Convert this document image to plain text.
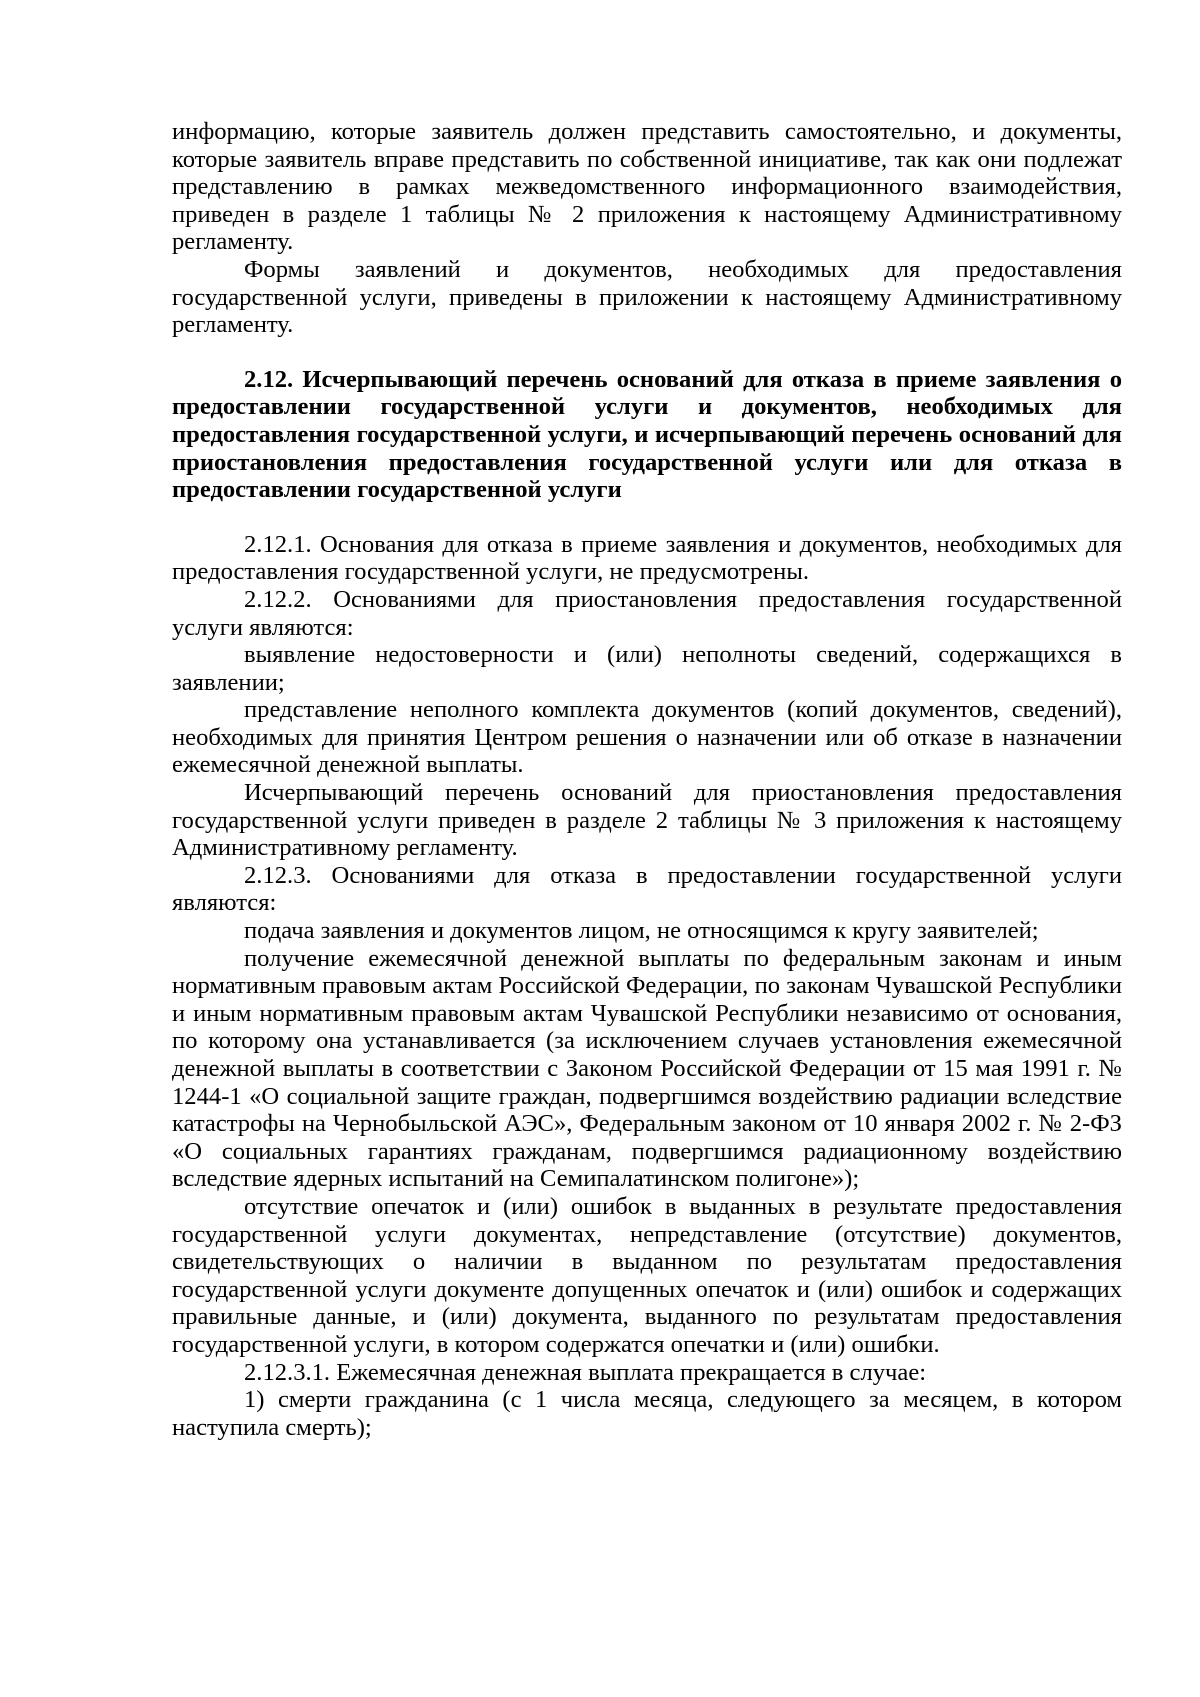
информацию, которые заявитель должен представить самостоятельно, и документы, которые заявитель вправе представить по собственной инициативе, так как они подлежат представлению в рамках межведомственного информационного взаимодействия, приведен в разделе 1 таблицы № 2 приложения к настоящему Административному регламенту.

Формы заявлений и документов, необходимых для предоставления государственной услуги, приведены в приложении к настоящему Административному регламенту.

2.12. Исчерпывающий перечень оснований для отказа в приеме заявления о предоставлении государственной услуги и документов, необходимых для предоставления государственной услуги, и исчерпывающий перечень оснований для приостановления предоставления государственной услуги или для отказа в предоставлении государственной услуги

2.12.1. Основания для отказа в приеме заявления и документов, необходимых для предоставления государственной услуги, не предусмотрены.

2.12.2. Основаниями для приостановления предоставления государственной услуги являются:

выявление недостоверности и (или) неполноты сведений, содержащихся в заявлении;

представление неполного комплекта документов (копий документов, сведений), необходимых для принятия Центром решения о назначении или об отказе в назначении ежемесячной денежной выплаты.

Исчерпывающий перечень оснований для приостановления предоставления государственной услуги приведен в разделе 2 таблицы № 3 приложения к настоящему Административному регламенту.

2.12.3. Основаниями для отказа в предоставлении государственной услуги являются:

подача заявления и документов лицом, не относящимся к кругу заявителей;

получение ежемесячной денежной выплаты по федеральным законам и иным нормативным правовым актам Российской Федерации, по законам Чувашской Республики и иным нормативным правовым актам Чувашской Республики независимо от основания, по которому она устанавливается (за исключением случаев установления ежемесячной денежной выплаты в соответствии с Законом Российской Федерации от 15 мая 1991 г. № 1244-1 «О социальной защите граждан, подвергшимся воздействию радиации вследствие катастрофы на Чернобыльской АЭС», Федеральным законом от 10 января 2002 г. № 2-ФЗ «О социальных гарантиях гражданам, подвергшимся радиационному воздействию вследствие ядерных испытаний на Семипалатинском полигоне»);

отсутствие опечаток и (или) ошибок в выданных в результате предоставления государственной услуги документах, непредставление (отсутствие) документов, свидетельствующих о наличии в выданном по результатам предоставления государственной услуги документе допущенных опечаток и (или) ошибок и содержащих правильные данные, и (или) документа, выданного по результатам предоставления государственной услуги, в котором содержатся опечатки и (или) ошибки.

2.12.3.1. Ежемесячная денежная выплата прекращается в случае:

1) смерти гражданина (с 1 числа месяца, следующего за месяцем, в котором наступила смерть);
